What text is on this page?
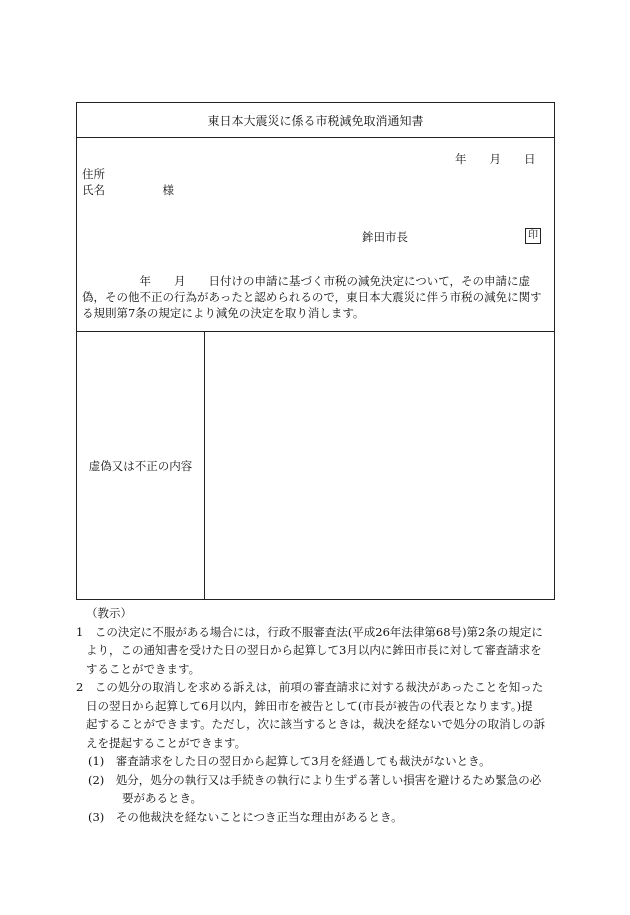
東日本大震災に係る市税減免取消通知書
年　　月　　日
住所
氏名　　　　　様
鉾田市長	印
　　　　　年　　月　　日付けの申請に基づく市税の減免決定について，その申請に虚偽，その他不正の行為があったと認められるので，東日本大震災に伴う市税の減免に関する規則第7条の規定により減免の決定を取り消します。
虚偽又は不正の内容
（教示）
1　この決定に不服がある場合には，行政不服審査法(平成26年法律第68号)第2条の規定に
より，この通知書を受けた日の翌日から起算して3月以内に鉾田市長に対して審査請求を
することができます。
2　この処分の取消しを求める訴えは，前項の審査請求に対する裁決があったことを知った
日の翌日から起算して6月以内，鉾田市を被告として(市長が被告の代表となります。)提
起することができます。ただし，次に該当するときは，裁決を経ないで処分の取消しの訴
えを提起することができます。
(1)　審査請求をした日の翌日から起算して3月を経過しても裁決がないとき。
(2)　処分，処分の執行又は手続きの執行により生ずる著しい損害を避けるため緊急の必
要があるとき。
(3)　その他裁決を経ないことにつき正当な理由があるとき。
